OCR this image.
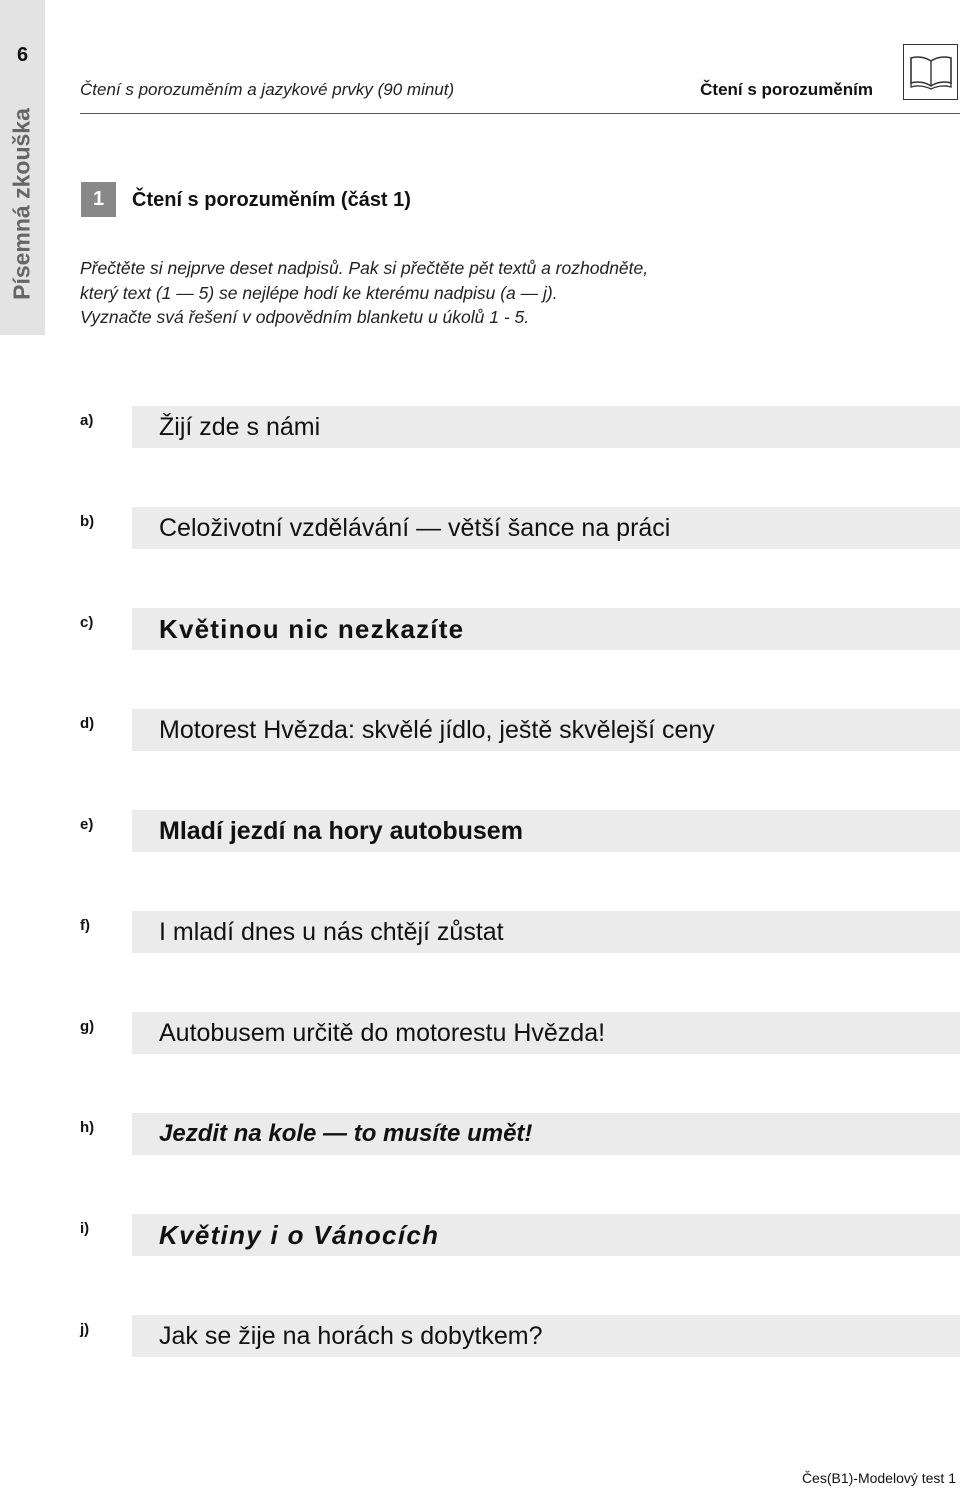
6
Písemná zkouška
Čtení s porozuměním a jazykové prvky (90 minut)	Čtení s porozuměním
1	Čtení s porozuměním (část 1)
Přečtěte si nejprve deset nadpisů. Pak si přečtěte pět textů a rozhodněte,
který text (1 — 5) se nejlépe hodí ke kterému nadpisu (a — j).
Vyznačte svá řešení v odpovědním blanketu u úkolů 1 - 5.
a)	Žijí zde s námi
b)	Celoživotní vzdělávání — větší šance na práci
c)	Květinou nic nezkazíte
d)	Motorest Hvězda: skvělé jídlo, ještě skvělejší ceny
e)	Mladí jezdí na hory autobusem
f)	I mladí dnes u nás chtějí zůstat
g)	Autobusem určitě do motorestu Hvězda!
h)	Jezdit na kole — to musíte umět!
i)	Květiny i o Vánocích
j)	Jak se žije na horách s dobytkem?
Čes(B1)-Modelový test 1
